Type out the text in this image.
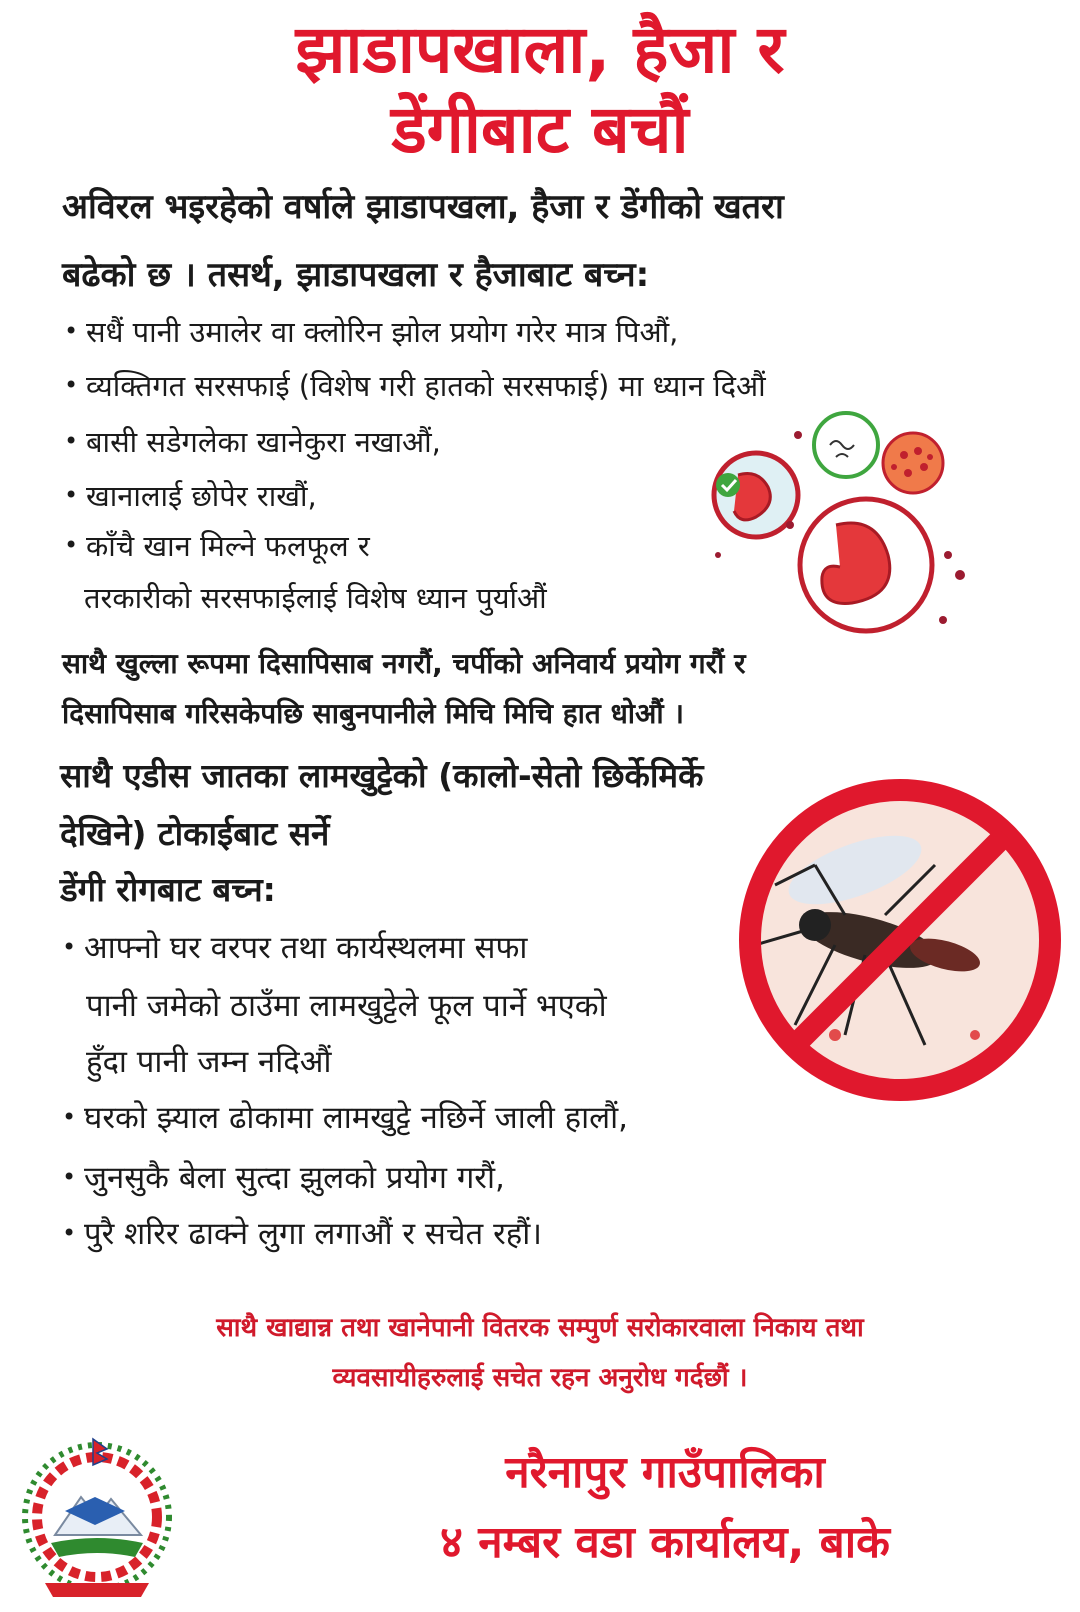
झाडापखाला, हैजा र
डेंगीबाट बचौं
अविरल भइरहेको वर्षाले झाडापखला, हैजा र डेंगीको खतरा
बढेको छ । तसर्थ, झाडापखला र हैजाबाट बच्न:
• सधैं पानी उमालेर वा क्लोरिन झोल प्रयोग गरेर मात्र पिऔं,
• व्यक्तिगत सरसफाई (विशेष गरी हातको सरसफाई) मा ध्यान दिऔं
• बासी सडेगलेका खानेकुरा नखाऔं,
• खानालाई छोपेर राखौं,
• काँचै खान मिल्ने फलफूल र
तरकारीको सरसफाईलाई विशेष ध्यान पुर्याऔं
साथै खुल्ला रूपमा दिसापिसाब नगरौं, चर्पीको अनिवार्य प्रयोग गरौं र
दिसापिसाब गरिसकेपछि साबुनपानीले मिचि मिचि हात धोऔं ।
साथै एडीस जातका लामखुट्टेको (कालो-सेतो छिर्केमिर्के
देखिने) टोकाईबाट सर्ने
डेंगी रोगबाट बच्न:
• आफ्नो घर वरपर तथा कार्यस्थलमा सफा
पानी जमेको ठाउँमा लामखुट्टेले फूल पार्ने भएको
हुँदा पानी जम्न नदिऔं
• घरको झ्याल ढोकामा लामखुट्टे नछिर्ने जाली हालौं,
• जुनसुकै बेला सुत्दा झुलको प्रयोग गरौं,
• पुरै शरिर ढाक्ने लुगा लगाऔं र सचेत रहौं।
साथै खाद्यान्न तथा खानेपानी वितरक सम्पुर्ण सरोकारवाला निकाय तथा
व्यवसायीहरुलाई सचेत रहन अनुरोध गर्दछौं ।
नरैनापुर गाउँपालिका
४ नम्बर वडा कार्यालय, बाके
